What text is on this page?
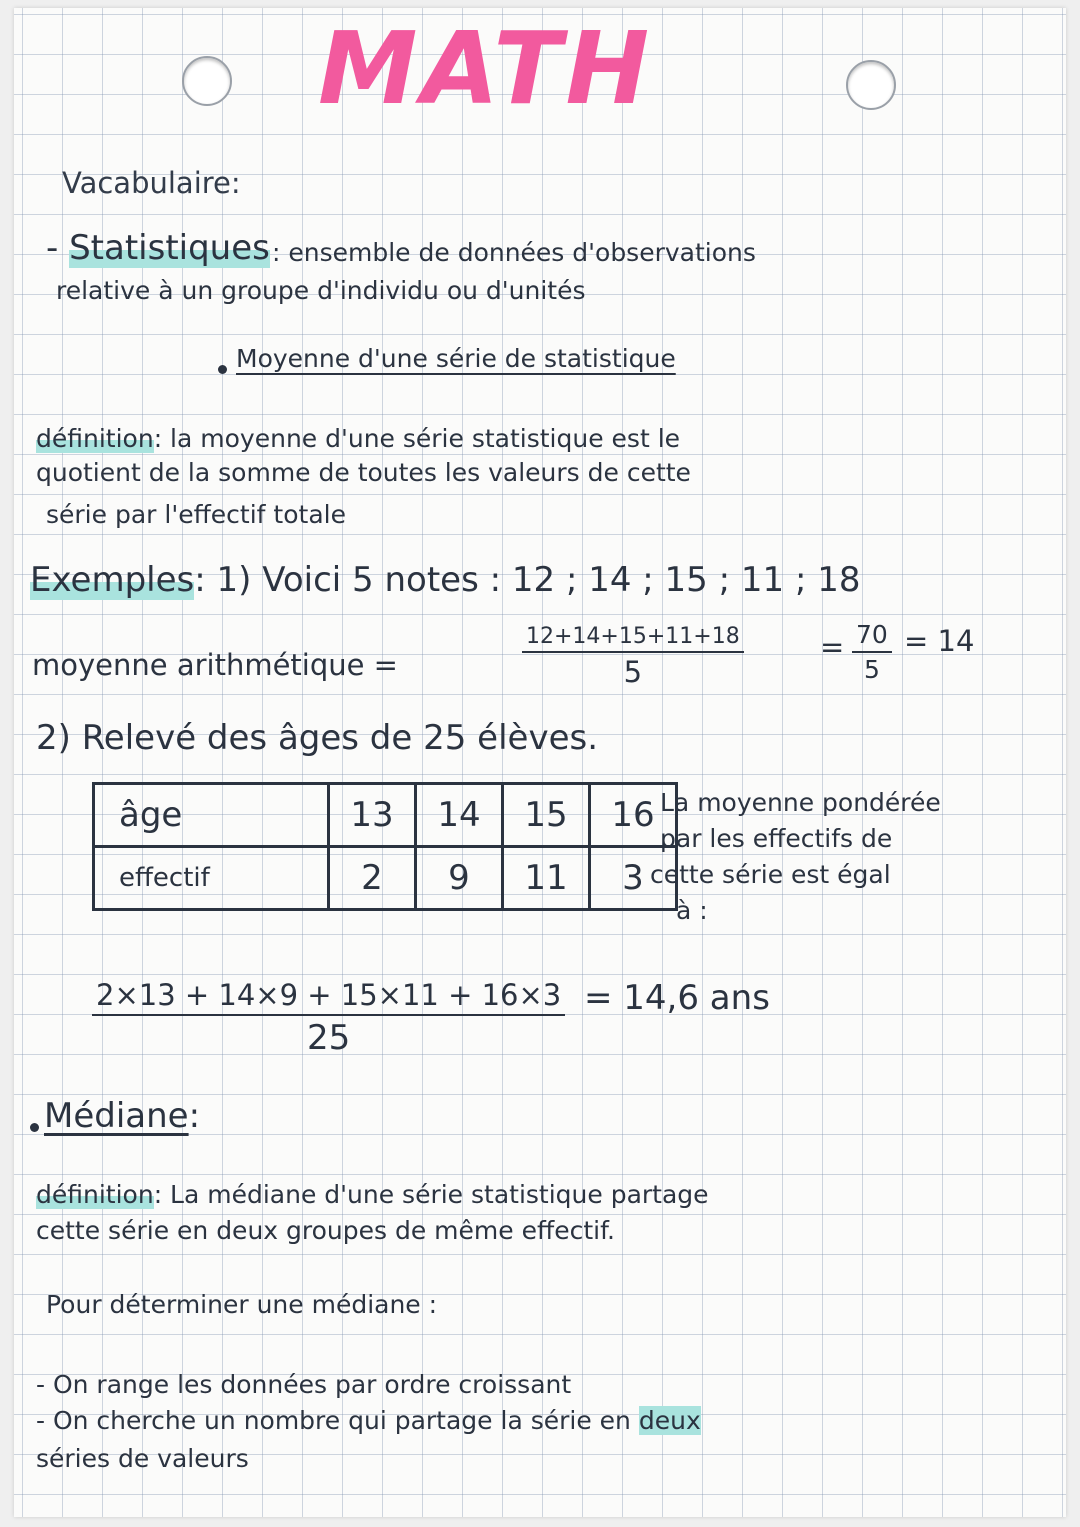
MATH
Vacabulaire:
- Statistiques : ensemble de données d'observations
relative à un groupe d'individu ou d'unités
Moyenne d'une série de statistique
définition: la moyenne d'une série statistique est le
quotient de la somme de toutes les valeurs de cette
série par l'effectif totale
Exemples: 1) Voici 5 notes : 12 ; 14 ; 15 ; 11 ; 18
moyenne arithmétique =
12+14+15+11+18
5
= $\frac{70}{5} = 14$
2) Relevé des âges de 25 élèves.
âge	13	14	15	16
effectif	2	9	11	3
La moyenne pondérée
par les effectifs de
cette série est égal
à :
$\frac{2\times 13 + 14\times 9 + 15\times 11 + 16\times 3}{25} = 14,6$ ans
Médiane:
définition: La médiane d'une série statistique partage
cette série en deux groupes de même effectif.
Pour déterminer une médiane :
- On range les données par ordre croissant
- On cherche un nombre qui partage la série en deux
séries de valeurs
